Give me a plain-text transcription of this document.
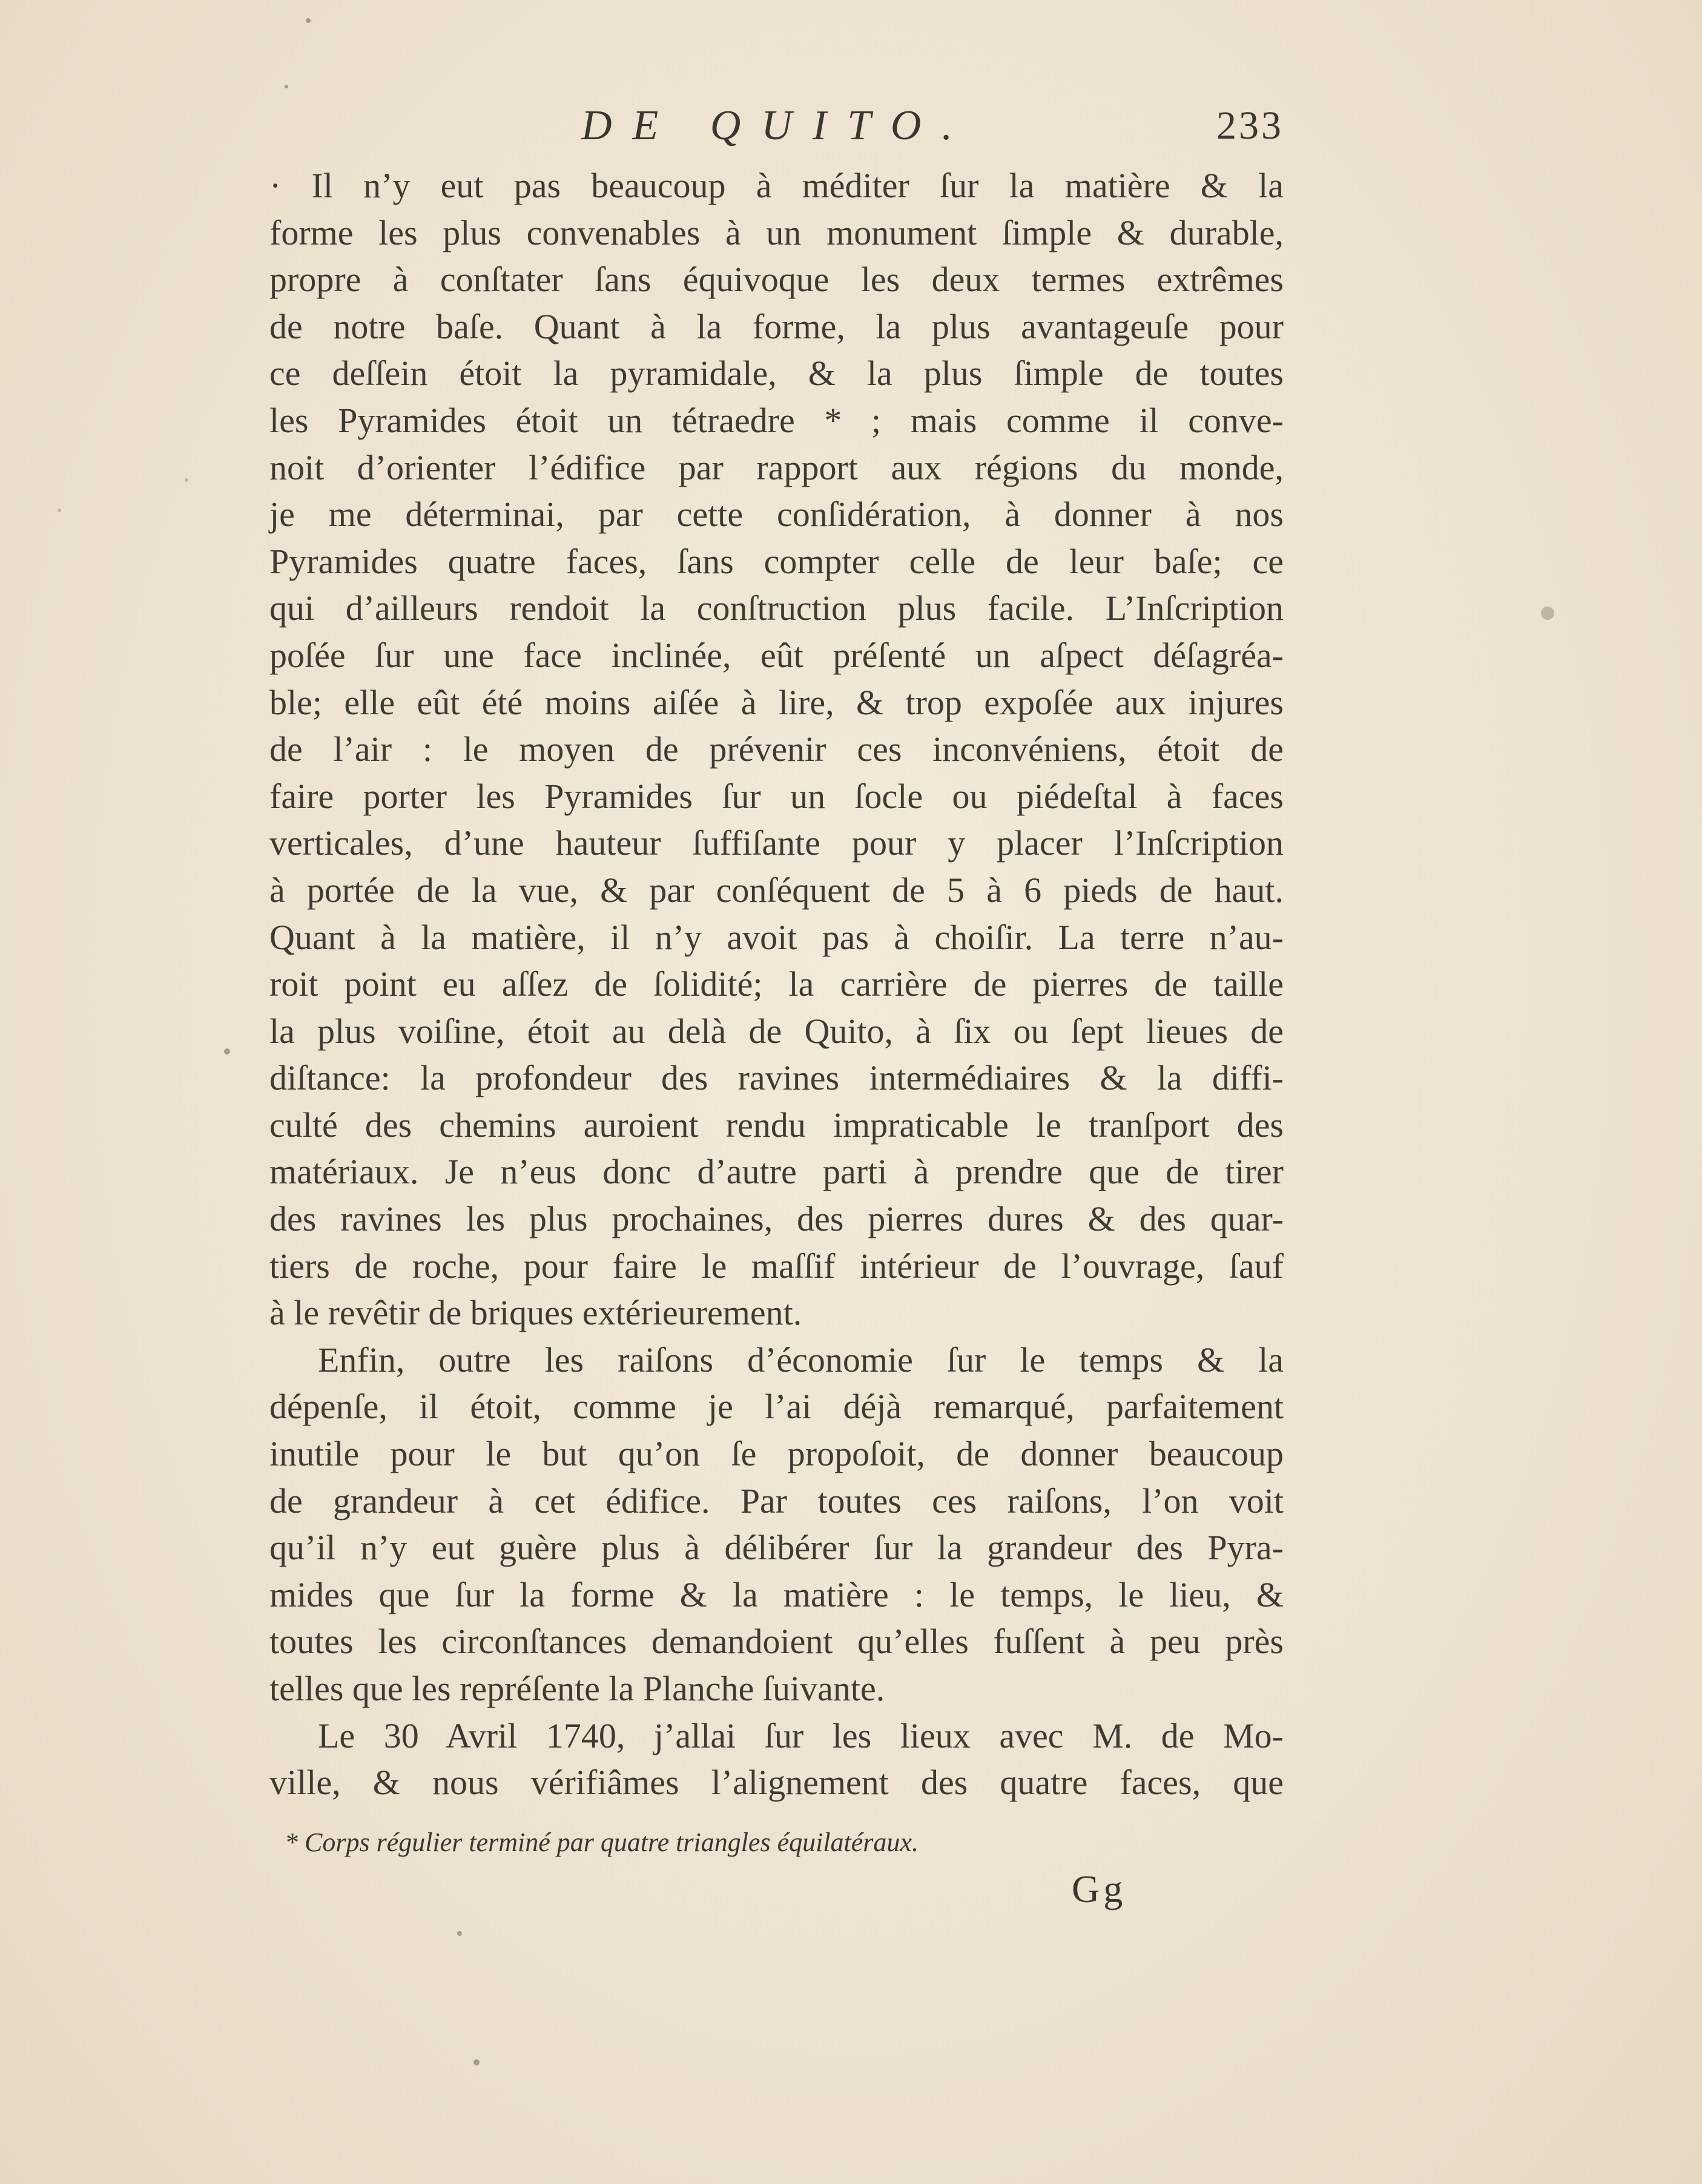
DE QUITO.	233
· Il n’y eut pas beaucoup à méditer ſur la matière & la
forme les plus convenables à un monument ſimple & durable,
propre à conſtater ſans équivoque les deux termes extrêmes
de notre baſe. Quant à la forme, la plus avantageuſe pour
ce deſſein étoit la pyramidale, & la plus ſimple de toutes
les Pyramides étoit un tétraedre * ; mais comme il conve-
noit d’orienter l’édifice par rapport aux régions du monde,
je me déterminai, par cette conſidération, à donner à nos
Pyramides quatre faces, ſans compter celle de leur baſe; ce
qui d’ailleurs rendoit la conſtruction plus facile. L’Inſcription
poſée ſur une face inclinée, eût préſenté un aſpect déſagréa-
ble; elle eût été moins aiſée à lire, & trop expoſée aux injures
de l’air : le moyen de prévenir ces inconvéniens, étoit de
faire porter les Pyramides ſur un ſocle ou piédeſtal à faces
verticales, d’une hauteur ſuffiſante pour y placer l’Inſcription
à portée de la vue, & par conſéquent de 5 à 6 pieds de haut.
Quant à la matière, il n’y avoit pas à choiſir. La terre n’au-
roit point eu aſſez de ſolidité; la carrière de pierres de taille
la plus voiſine, étoit au delà de Quito, à ſix ou ſept lieues de
diſtance: la profondeur des ravines intermédiaires & la diffi-
culté des chemins auroient rendu impraticable le tranſport des
matériaux. Je n’eus donc d’autre parti à prendre que de tirer
des ravines les plus prochaines, des pierres dures & des quar-
tiers de roche, pour faire le maſſif intérieur de l’ouvrage, ſauf
à le revêtir de briques extérieurement.
Enfin, outre les raiſons d’économie ſur le temps & la
dépenſe, il étoit, comme je l’ai déjà remarqué, parfaitement
inutile pour le but qu’on ſe propoſoit, de donner beaucoup
de grandeur à cet édifice. Par toutes ces raiſons, l’on voit
qu’il n’y eut guère plus à délibérer ſur la grandeur des Pyra-
mides que ſur la forme & la matière : le temps, le lieu, &
toutes les circonſtances demandoient qu’elles fuſſent à peu près
telles que les repréſente la Planche ſuivante.
Le 30 Avril 1740, j’allai ſur les lieux avec M. de Mo-
ville, & nous vérifiâmes l’alignement des quatre faces, que
* Corps régulier terminé par quatre triangles équilatéraux.
Gg
